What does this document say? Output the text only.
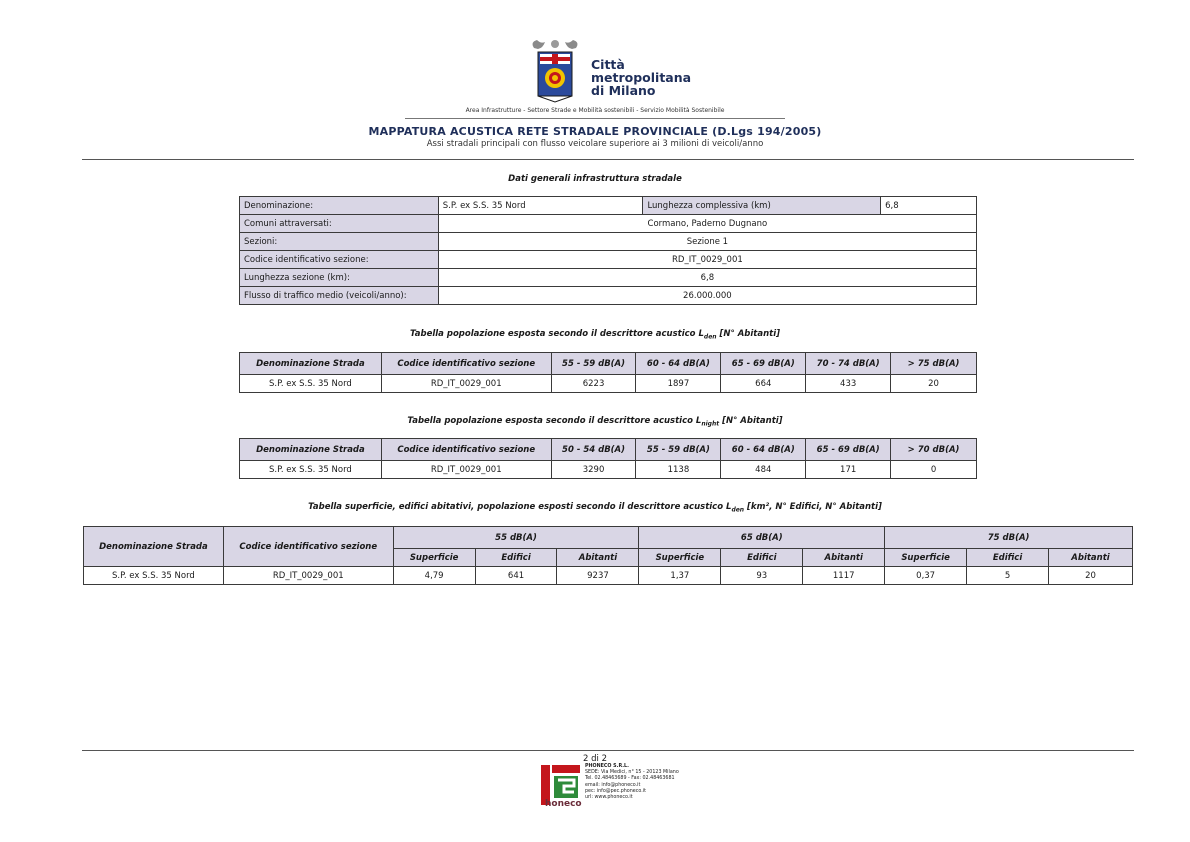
Città
metropolitana
di Milano
Area Infrastrutture - Settore Strade e Mobilità sostenibili - Servizio Mobilità Sostenibile
MAPPATURA ACUSTICA RETE STRADALE PROVINCIALE (D.Lgs 194/2005)
Assi stradali principali con flusso veicolare superiore ai 3 milioni di veicoli/anno
Dati generali infrastruttura stradale
Denominazione:	S.P. ex S.S. 35 Nord	Lunghezza complessiva (km)	6,8
Comuni attraversati:	Cormano, Paderno Dugnano		
Sezioni:	Sezione 1		
Codice identificativo sezione:	RD_IT_0029_001		
Lunghezza sezione (km):	6,8		
Flusso di traffico medio (veicoli/anno):	26.000.000		
Tabella popolazione esposta secondo il descrittore acustico $L_{den}$ [N° Abitanti]
Denominazione Strada	Codice identificativo sezione	55 - 59 dB(A)	60 - 64 dB(A)	65 - 69 dB(A)	70 - 74 dB(A)	> 75 dB(A)
S.P. ex S.S. 35 Nord	RD_IT_0029_001	6223	1897	664	433	20
Tabella popolazione esposta secondo il descrittore acustico $L_{night}$ [N° Abitanti]
Denominazione Strada	Codice identificativo sezione	50 - 54 dB(A)	55 - 59 dB(A)	60 - 64 dB(A)	65 - 69 dB(A)	> 70 dB(A)
S.P. ex S.S. 35 Nord	RD_IT_0029_001	3290	1138	484	171	0
Tabella superficie, edifici abitativi, popolazione esposti secondo il descrittore acustico $L_{den}$ [km², N° Edifici, N° Abitanti]
Denominazione Strada	Codice identificativo sezione	55 dB(A)			65 dB(A)			75 dB(A)		
		Superficie	Edifici	Abitanti	Superficie	Edifici	Abitanti	Superficie	Edifici	Abitanti
S.P. ex S.S. 35 Nord	RD_IT_0029_001	4,79	641	9237	1,37	93	1117	0,37	5	20
2 di 2
honeco
PHONECO S.R.L.
SEDE: Via Medici, n° 15 - 20123 Milano
Tel. 02.48463689 - Fax: 02.48463681
email: info@phoneco.it
pec: info@pec.phoneco.it
url: www.phoneco.it
